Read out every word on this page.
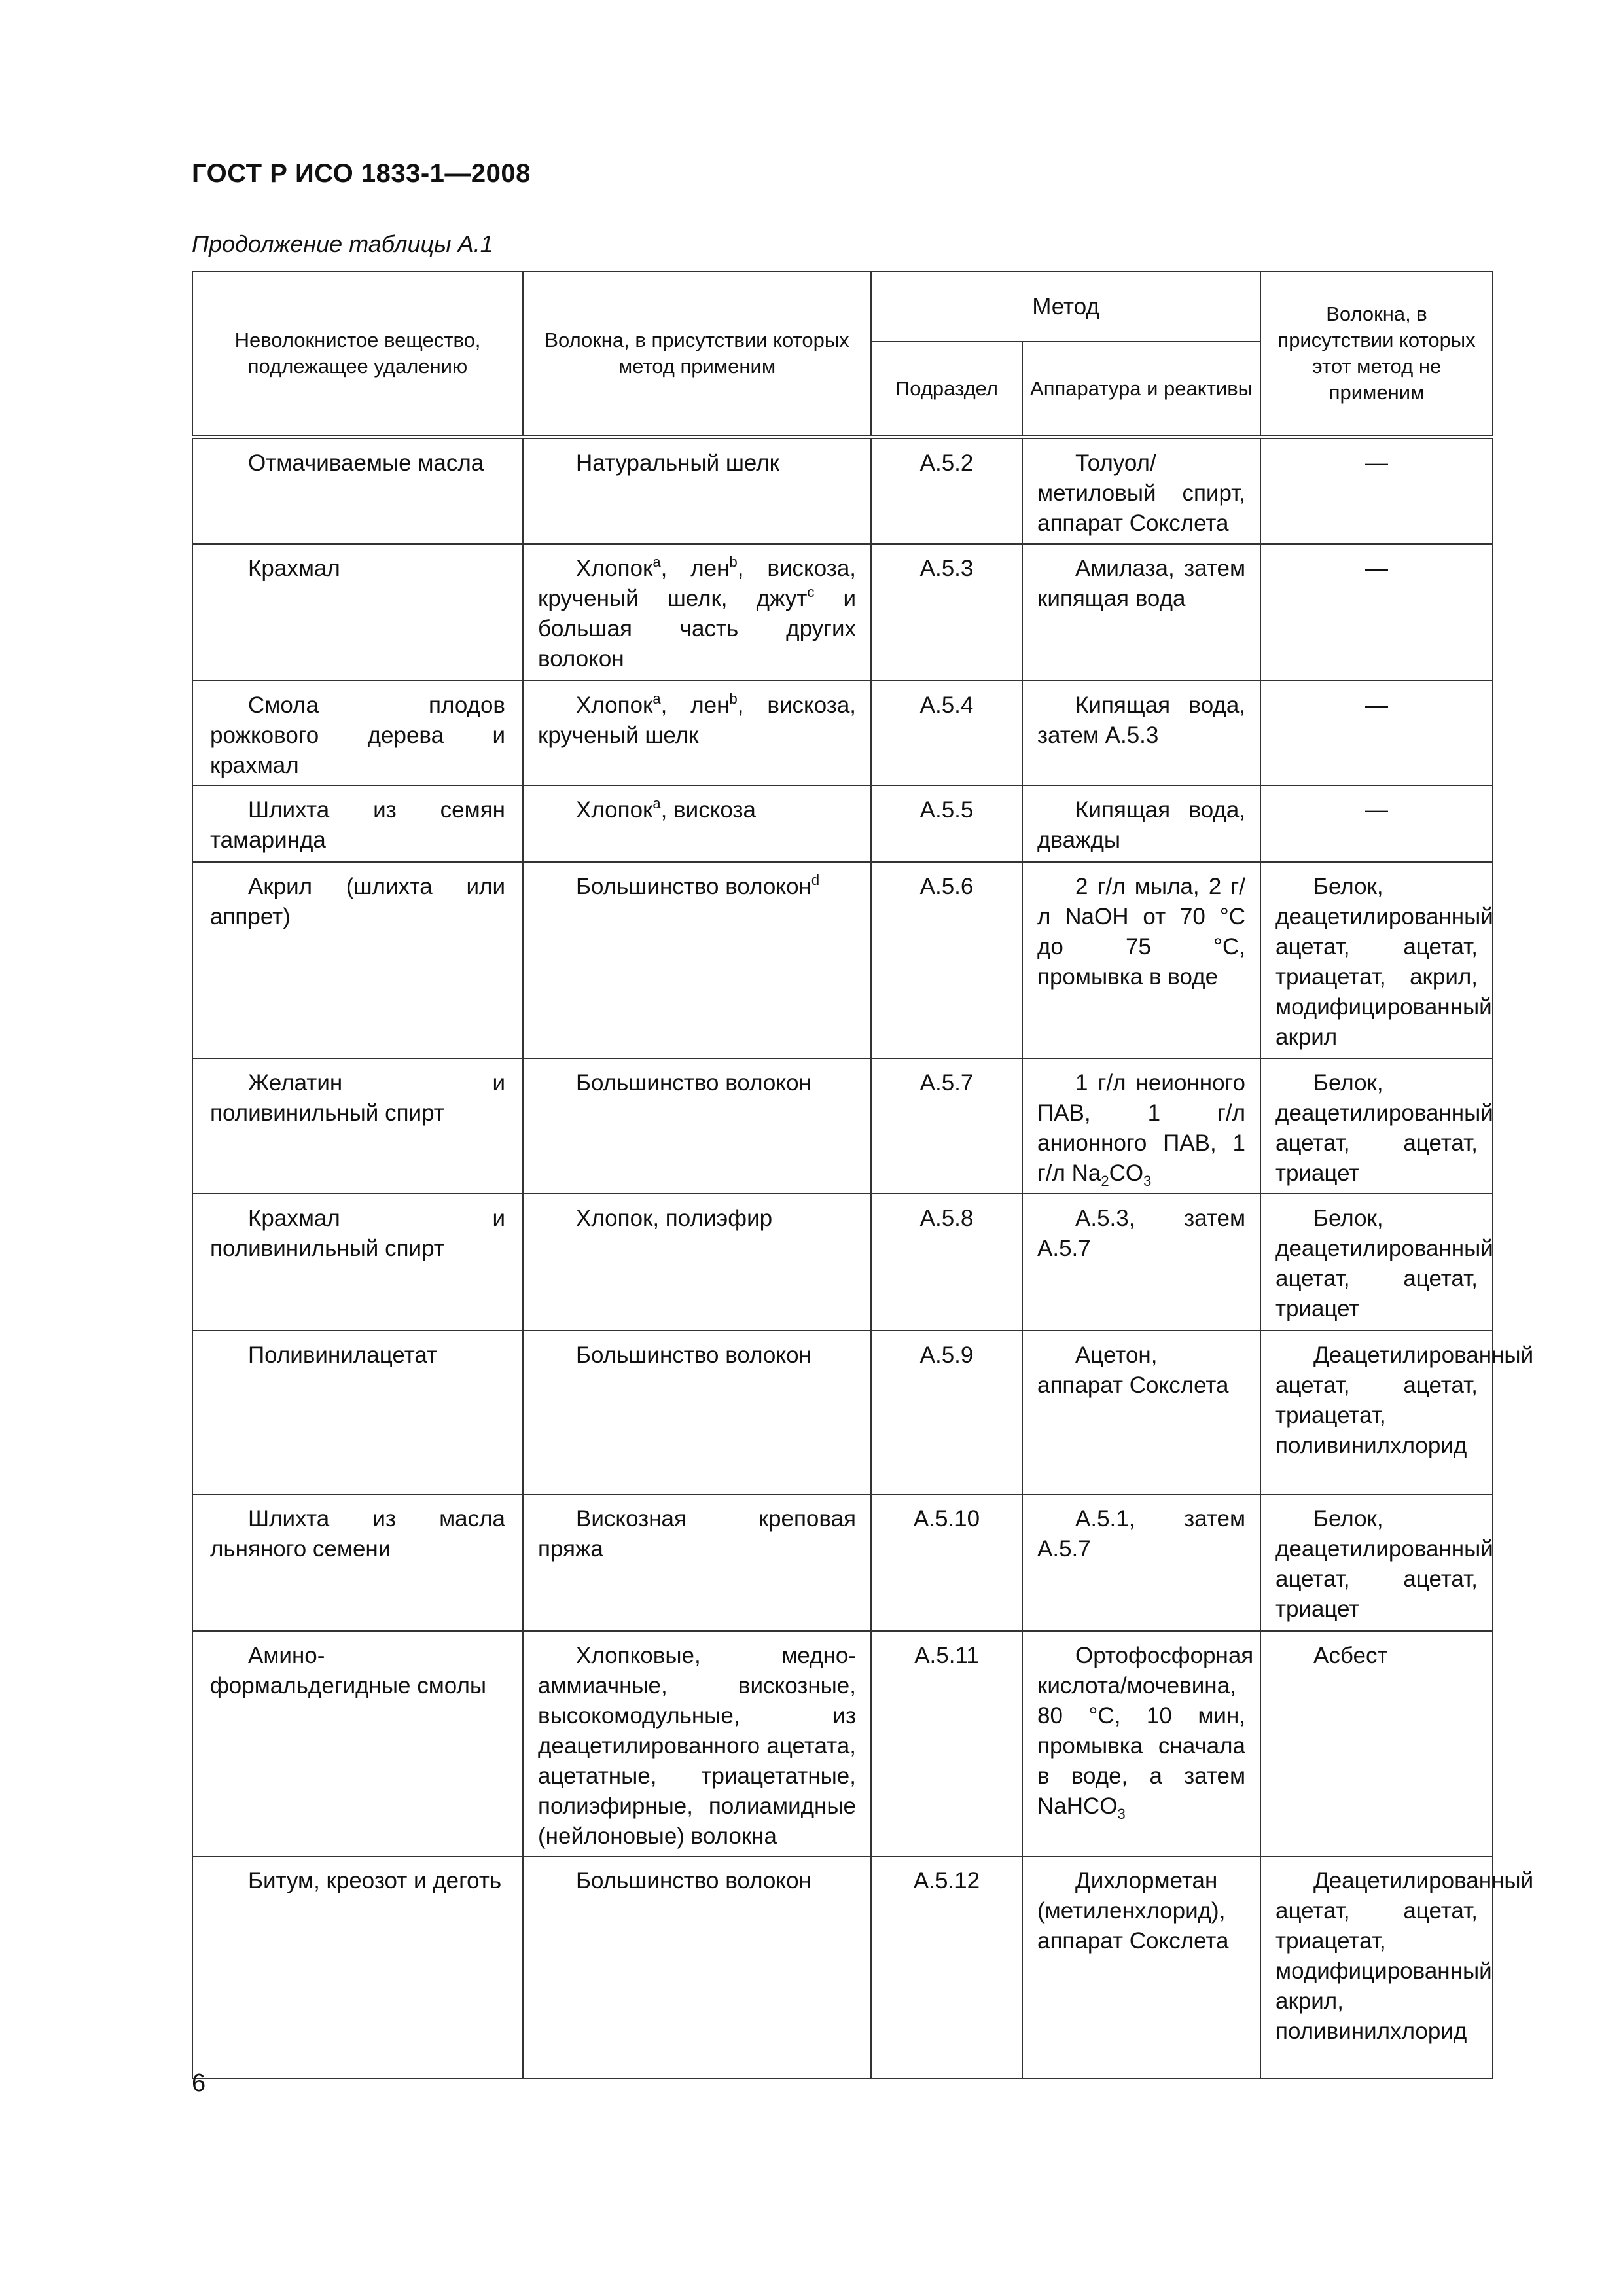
ГОСТ Р ИСО 1833-1—2008
Продолжение таблицы А.1
Неволокнистое вещество, подлежащее удалению	Волокна, в присутствии которых метод применим	Метод		Волокна, в присутствии которых этот метод не применим
		Подраздел	Аппаратура и реактивы	

Отмачиваемые масла	Натуральный шелк	А.5.2	Толуол/метиловый спирт, аппарат Сокслета	—

Крахмал	Хлопок$^а$, лен$^b$, вискоза, крученый шелк, джут$^с$ и большая часть других волокон	А.5.3	Амилаза, затем кипящая вода	—

Смола плодов рожкового дерева и крахмал	Хлопок$^а$, лен$^b$, вискоза, крученый шелк	А.5.4	Кипящая вода, затем А.5.3	—

Шлихта из семян тамаринда	Хлопок$^а$, вискоза	А.5.5	Кипящая вода, дважды	—

Акрил (шлихта или аппрет)	Большинство волокон$^d$	А.5.6	2 г/л мыла, 2 г/л NaOH от 70 °С до 75 °С, промывка в воде	Белок, деацетилированный ацетат, ацетат, триацетат, акрил, модифицированный акрил

Желатин и поливинильный спирт	Большинство волокон	А.5.7	1 г/л неионного ПАВ, 1 г/л анионного ПАВ, 1 г/л $Na_2CO_3$	Белок, деацетилированный ацетат, ацетат, триацет

Крахмал и поливинильный спирт	Хлопок, полиэфир	А.5.8	А.5.3, затем А.5.7	Белок, деацетилированный ацетат, ацетат, триацет

Поливинилацетат	Большинство волокон	А.5.9	Ацетон, аппарат Сокслета	Деацетилированный ацетат, ацетат, триацетат, поливинилхлорид

Шлихта из масла льняного семени	Вискозная креповая пряжа	А.5.10	А.5.1, затем А.5.7	Белок, деацетилированный ацетат, ацетат, триацет

Амино-формальдегидные смолы	Хлопковые, медно-аммиачные, вискозные, высокомодульные, из деацетилированного ацетата, ацетатные, триацетатные, полиэфирные, полиамидные (нейлоновые) волокна	А.5.11	Ортофосфорная кислота/мочевина, 80 °С, 10 мин, промывка сначала в воде, а затем NaHCO$_3$	Асбест

Битум, креозот и деготь	Большинство волокон	А.5.12	Дихлорметан (метиленхлорид), аппарат Сокслета	Деацетилированный ацетат, ацетат, триацетат, модифицированный акрил, поливинилхлорид
6
